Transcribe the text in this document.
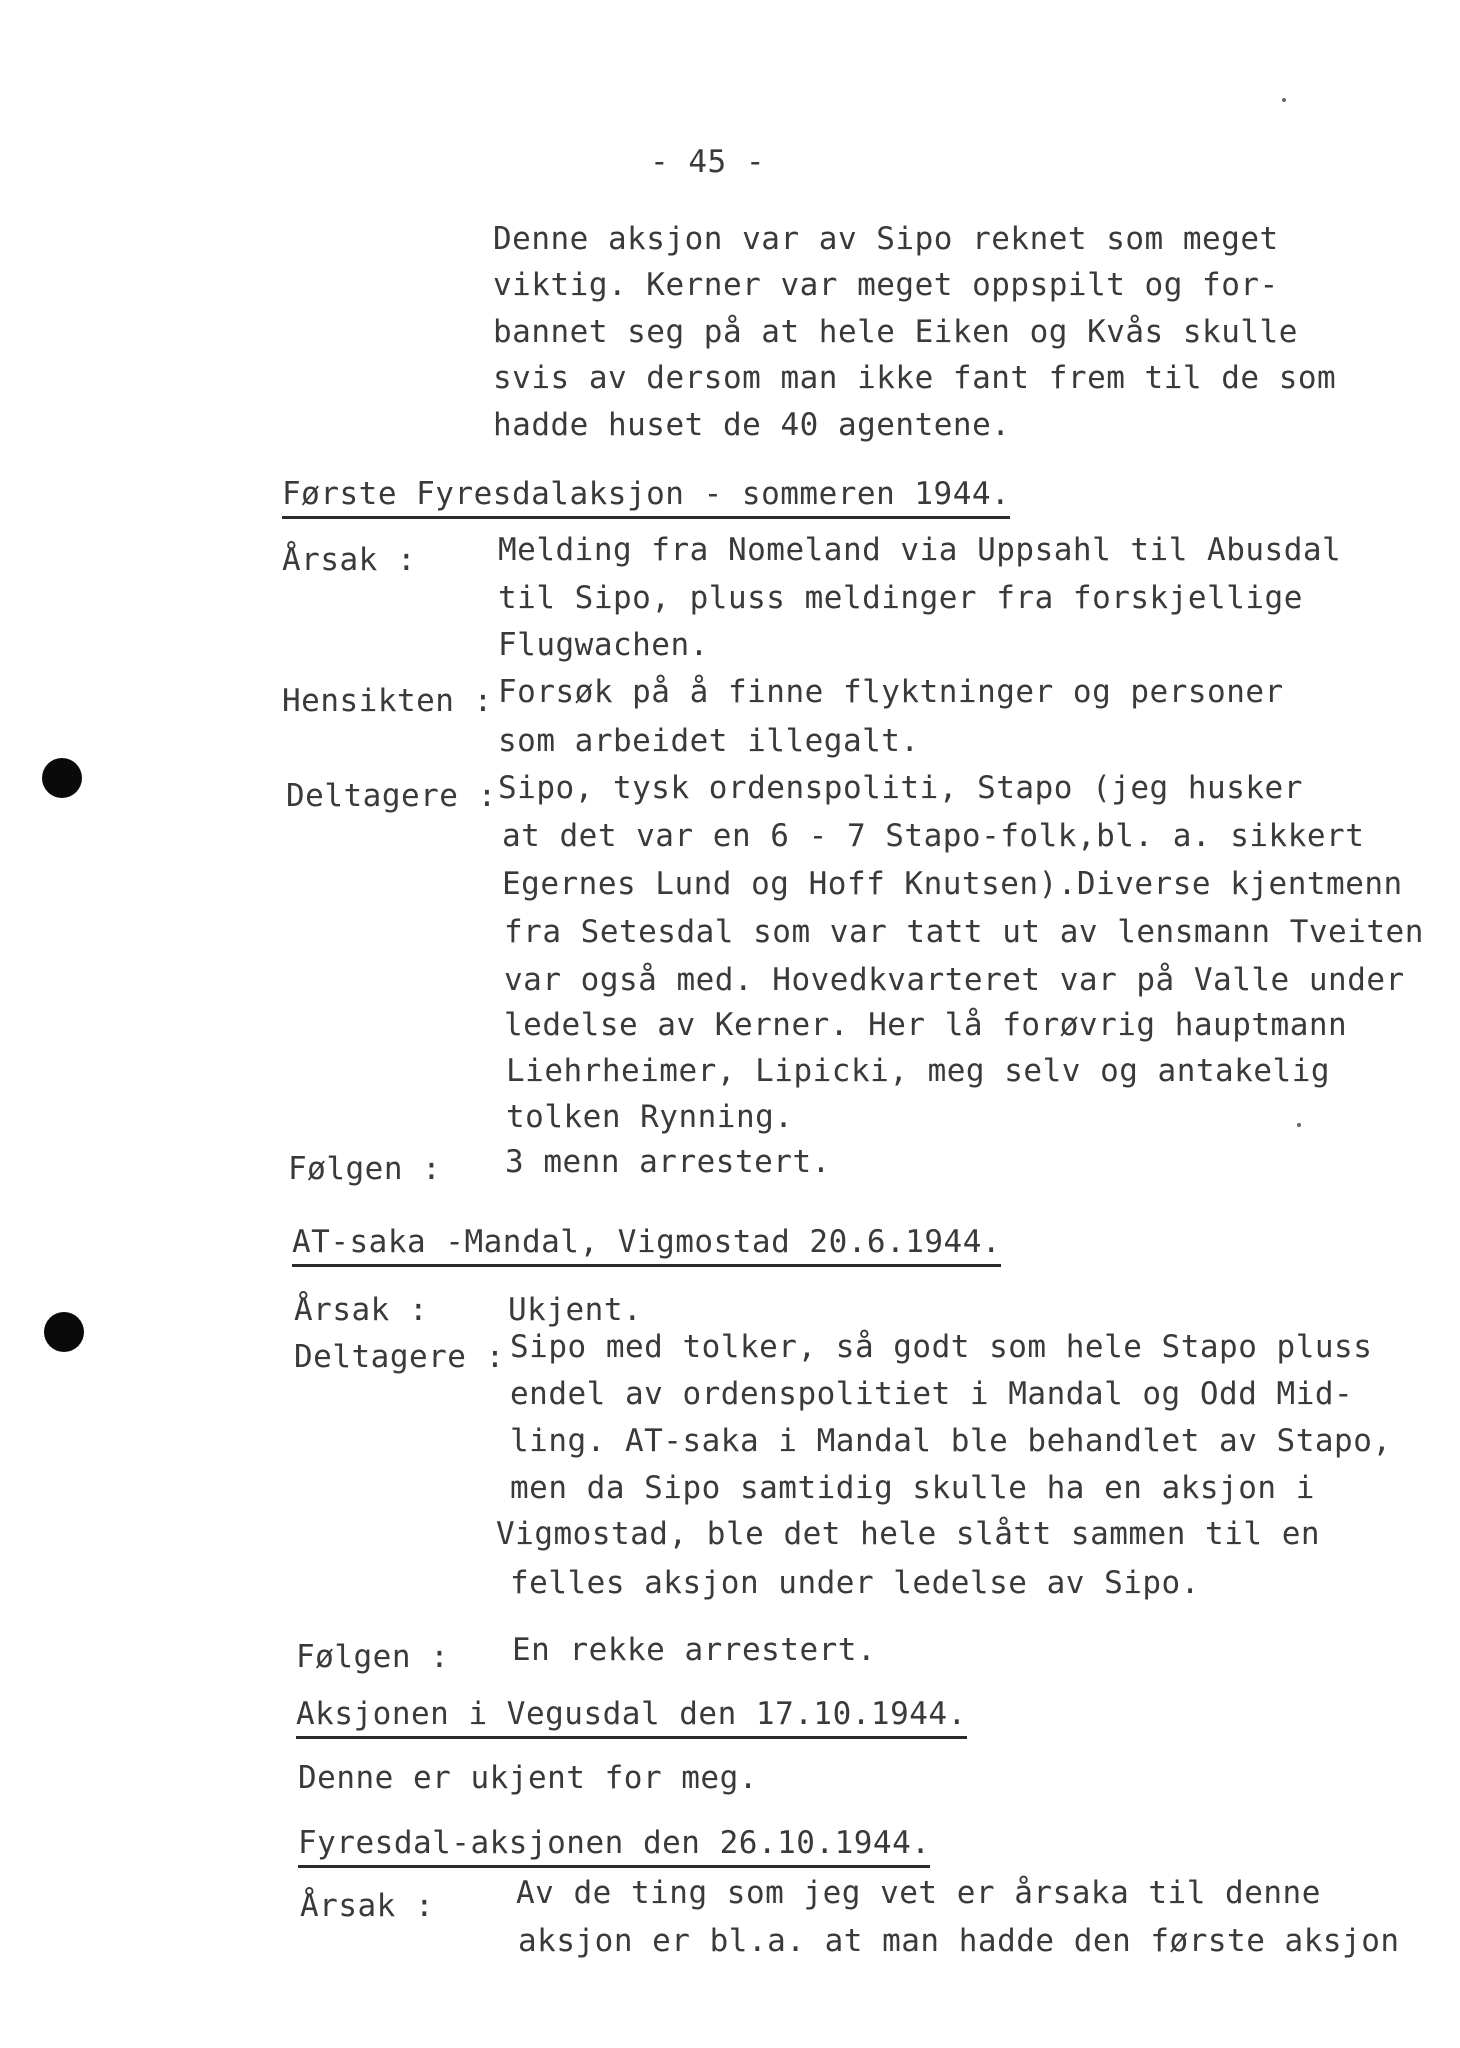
- 45 -
Denne aksjon var av Sipo reknet som meget
viktig. Kerner var meget oppspilt og for-
bannet seg på at hele Eiken og Kvås skulle
svis av dersom man ikke fant frem til de som
hadde huset de 40 agentene.
Første Fyresdalaksjon - sommeren 1944.
Årsak :	Melding fra Nomeland via Uppsahl til Abusdal
til Sipo, pluss meldinger fra forskjellige
Flugwachen.
Hensikten : Forsøk på å finne flyktninger og personer
som arbeidet illegalt.
Deltagere : Sipo, tysk ordenspoliti, Stapo (jeg husker
at det var en 6 - 7 Stapo-folk,bl. a. sikkert
Egernes Lund og Hoff Knutsen).Diverse kjentmenn
fra Setesdal som var tatt ut av lensmann Tveiten
var også med. Hovedkvarteret var på Valle under
ledelse av Kerner. Her lå forøvrig hauptmann
Liehrheimer, Lipicki, meg selv og antakelig
tolken Rynning.
Følgen : 3 menn arrestert.
AT-saka -Mandal, Vigmostad 20.6.1944.
Årsak :	Ukjent.
Deltagere : Sipo med tolker, så godt som hele Stapo pluss
endel av ordenspolitiet i Mandal og Odd Mid-
ling. AT-saka i Mandal ble behandlet av Stapo,
men da Sipo samtidig skulle ha en aksjon i
Vigmostad, ble det hele slått sammen til en
felles aksjon under ledelse av Sipo.
Følgen : En rekke arrestert.
Aksjonen i Vegusdal den 17.10.1944.
Denne er ukjent for meg.
Fyresdal-aksjonen den 26.10.1944.
Årsak :	Av de ting som jeg vet er årsaka til denne
aksjon er bl.a. at man hadde den første aksjon
